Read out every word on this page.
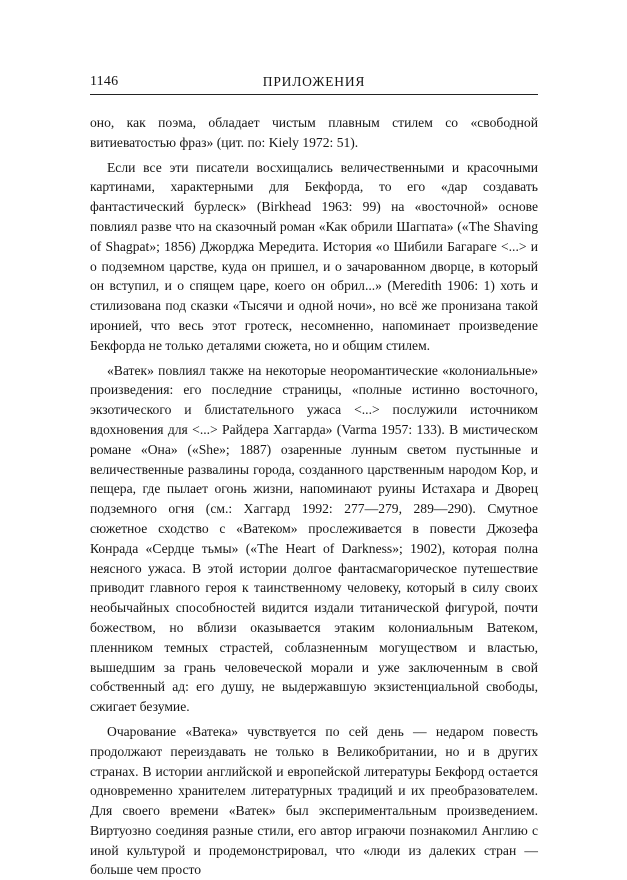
1146	ПРИЛОЖЕНИЯ

оно, как поэма, обладает чистым плавным стилем со «свободной витиеватостью фраз» (цит. по: Kiely 1972: 51).

Если все эти писатели восхищались величественными и красочными картинами, характерными для Бекфорда, то его «дар создавать фантастический бурлеск» (Birkhead 1963: 99) на «восточной» основе повлиял разве что на сказочный роман «Как обрили Шагпата» («The Shaving of Shagpat»; 1856) Джорджа Мередита. История «о Шибили Багараге <...> и о подземном царстве, куда он пришел, и о зачарованном дворце, в который он вступил, и о спящем царе, коего он обрил...» (Meredith 1906: 1) хоть и стилизована под сказки «Тысячи и одной ночи», но всё же пронизана такой иронией, что весь этот гротеск, несомненно, напоминает произведение Бекфорда не только деталями сюжета, но и общим стилем.

«Ватек» повлиял также на некоторые неоромантические «колониальные» произведения: его последние страницы, «полные истинно восточного, экзотического и блистательного ужаса <...> послужили источником вдохновения для <...> Райдера Хаггарда» (Varma 1957: 133). В мистическом романе «Она» («She»; 1887) озаренные лунным светом пустынные и величественные развалины города, созданного царственным народом Кор, и пещера, где пылает огонь жизни, напоминают руины Истахара и Дворец подземного огня (см.: Хаггард 1992: 277—279, 289—290). Смутное сюжетное сходство с «Ватеком» прослеживается в повести Джозефа Конрада «Сердце тьмы» («The Heart of Darkness»; 1902), которая полна неясного ужаса. В этой истории долгое фантасмагорическое путешествие приводит главного героя к таинственному человеку, который в силу своих необычайных способностей видится издали титанической фигурой, почти божеством, но вблизи оказывается этаким колониальным Ватеком, пленником темных страстей, соблазненным могуществом и властью, вышедшим за грань человеческой морали и уже заключенным в свой собственный ад: его душу, не выдержавшую экзистенциальной свободы, сжигает безумие.

Очарование «Ватека» чувствуется по сей день — недаром повесть продолжают переиздавать не только в Великобритании, но и в других странах. В истории английской и европейской литературы Бекфорд остается одновременно хранителем литературных традиций и их преобразователем. Для своего времени «Ватек» был экспериментальным произведением. Виртуозно соединяя разные стили, его автор играючи познакомил Англию с иной культурой и продемонстрировал, что «люди из далеких стран — больше чем просто
